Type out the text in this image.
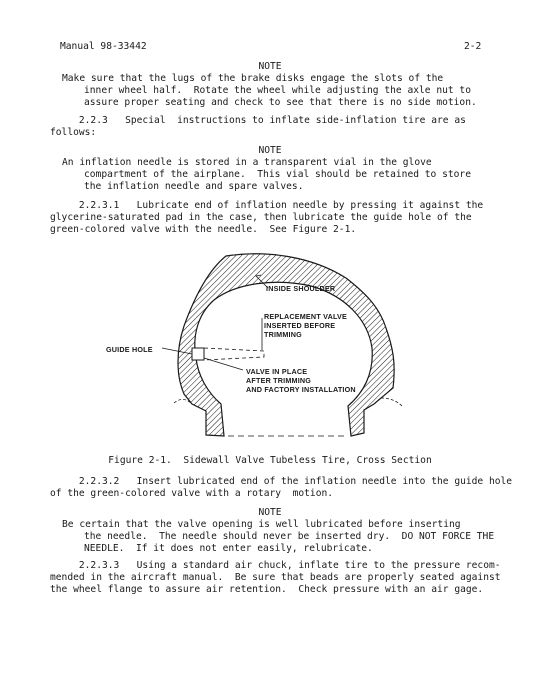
Manual 98-33442	2-2
NOTE
Make sure that the lugs of the brake disks engage the slots of the
inner wheel half.  Rotate the wheel while adjusting the axle nut to
assure proper seating and check to see that there is no side motion.
2.2.3   Special  instructions to inflate side-inflation tire are as
follows:
NOTE
An inflation needle is stored in a transparent vial in the glove
compartment of the airplane.  This vial should be retained to store
the inflation needle and spare valves.
2.2.3.1   Lubricate end of inflation needle by pressing it against the
glycerine-saturated pad in the case, then lubricate the guide hole of the
green-colored valve with the needle.  See Figure 2-1.
INSIDE SHOULDER
REPLACEMENT VALVE
INSERTED BEFORE
TRIMMING
GUIDE HOLE
VALVE IN PLACE
AFTER TRIMMING
AND FACTORY INSTALLATION
Figure 2-1.  Sidewall Valve Tubeless Tire, Cross Section
2.2.3.2   Insert lubricated end of the inflation needle into the guide hole
of the green-colored valve with a rotary  motion.
NOTE
Be certain that the valve opening is well lubricated before inserting
the needle.  The needle should never be inserted dry.  DO NOT FORCE THE
NEEDLE.  If it does not enter easily, relubricate.
2.2.3.3   Using a standard air chuck, inflate tire to the pressure recom-
mended in the aircraft manual.  Be sure that beads are properly seated against
the wheel flange to assure air retention.  Check pressure with an air gage.
